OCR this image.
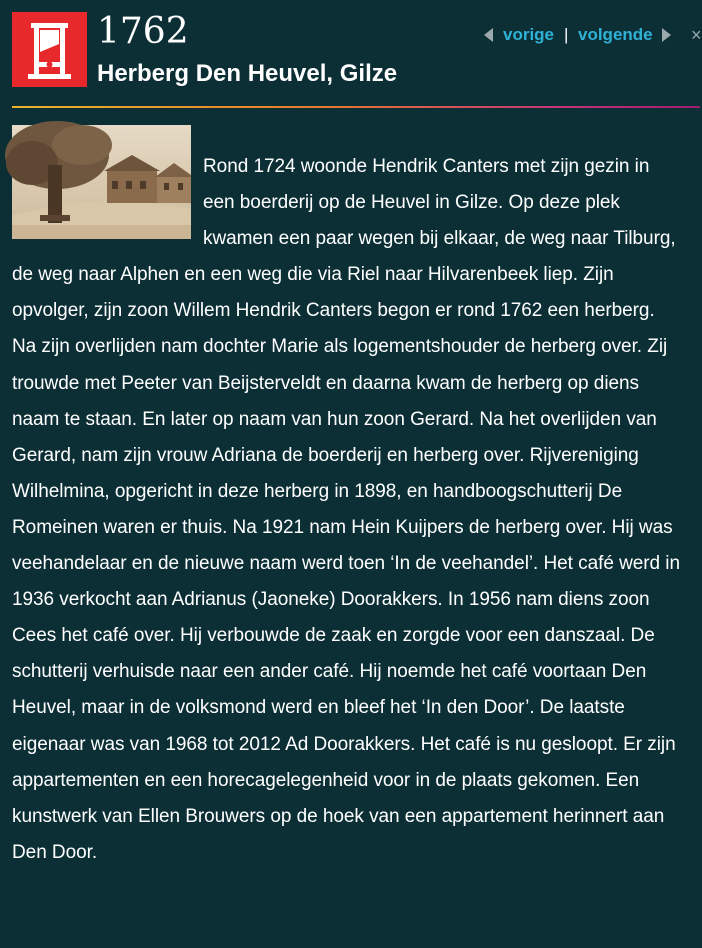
1762
Herberg Den Heuvel, Gilze
vorige | volgende ×

Rond 1724 woonde Hendrik Canters met zijn gezin in een boerderij op de Heuvel in Gilze. Op deze plek kwamen een paar wegen bij elkaar, de weg naar Tilburg, de weg naar Alphen en een weg die via Riel naar Hilvarenbeek liep. Zijn opvolger, zijn zoon Willem Hendrik Canters begon er rond 1762 een herberg. Na zijn overlijden nam dochter Marie als logementshouder de herberg over. Zij trouwde met Peeter van Beijsterveldt en daarna kwam de herberg op diens naam te staan. En later op naam van hun zoon Gerard. Na het overlijden van Gerard, nam zijn vrouw Adriana de boerderij en herberg over. Rijvereniging Wilhelmina, opgericht in deze herberg in 1898, en handboogschutterij De Romeinen waren er thuis. Na 1921 nam Hein Kuijpers de herberg over. Hij was veehandelaar en de nieuwe naam werd toen ‘In de veehandel’. Het café werd in 1936 verkocht aan Adrianus (Jaoneke) Doorakkers. In 1956 nam diens zoon Cees het café over. Hij verbouwde de zaak en zorgde voor een danszaal. De schutterij verhuisde naar een ander café. Hij noemde het café voortaan Den Heuvel, maar in de volksmond werd en bleef het ‘In den Door’. De laatste eigenaar was van 1968 tot 2012 Ad Doorakkers. Het café is nu gesloopt. Er zijn appartementen en een horecagelegenheid voor in de plaats gekomen. Een kunstwerk van Ellen Brouwers op de hoek van een appartement herinnert aan Den Door.
